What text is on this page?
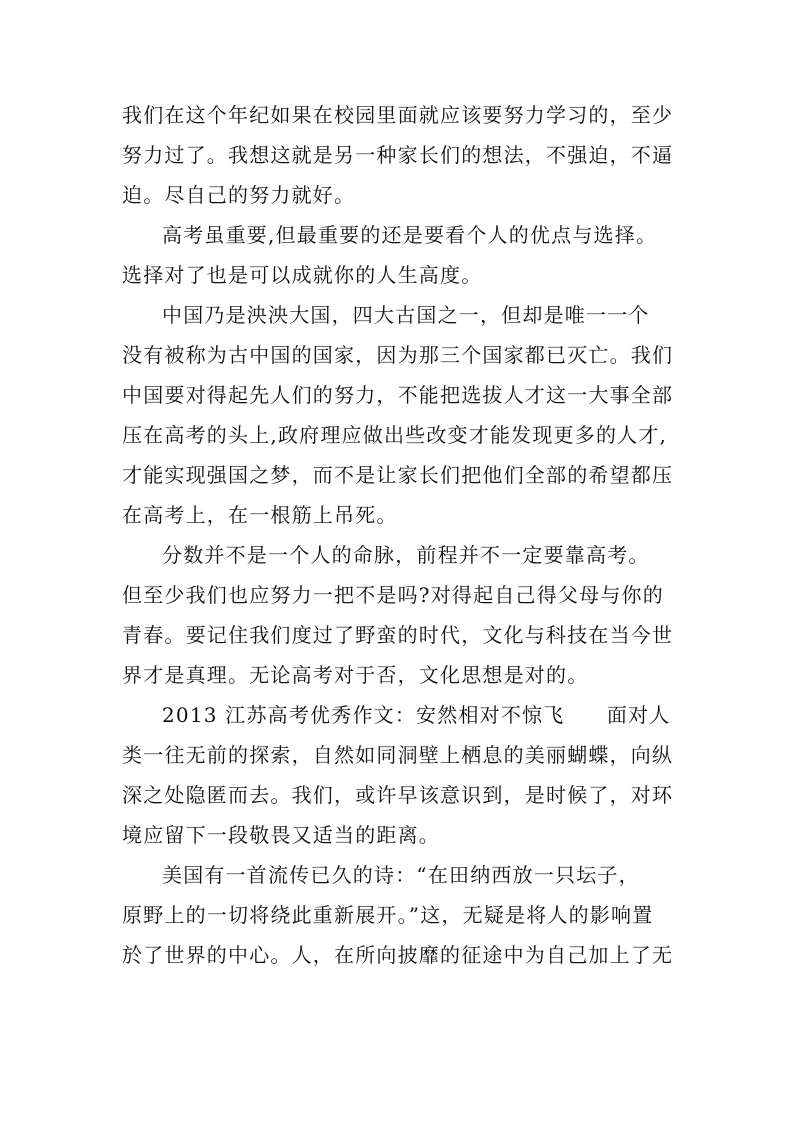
我们在这个年纪如果在校园里面就应该要努力学习的，至少
努力过了。我想这就是另一种家长们的想法，不强迫，不逼
迫。尽自己的努力就好。

高考虽重要,但最重要的还是要看个人的优点与选择。
选择对了也是可以成就你的人生高度。

中国乃是泱泱大国，四大古国之一，但却是唯一一个
没有被称为古中国的国家，因为那三个国家都已灭亡。我们
中国要对得起先人们的努力，不能把选拔人才这一大事全部
压在高考的头上,政府理应做出些改变才能发现更多的人才,
才能实现强国之梦，而不是让家长们把他们全部的希望都压
在高考上，在一根筋上吊死。

分数并不是一个人的命脉，前程并不一定要靠高考。
但至少我们也应努力一把不是吗?对得起自己得父母与你的
青春。要记住我们度过了野蛮的时代，文化与科技在当今世
界才是真理。无论高考对于否，文化思想是对的。

2013 江苏高考优秀作文：安然相对不惊飞　　面对人
类一往无前的探索，自然如同洞壁上栖息的美丽蝴蝶，向纵
深之处隐匿而去。我们，或许早该意识到，是时候了，对环
境应留下一段敬畏又适当的距离。

美国有一首流传已久的诗：“在田纳西放一只坛子，
原野上的一切将绕此重新展开。”这，无疑是将人的影响置
於了世界的中心。人，在所向披靡的征途中为自己加上了无
